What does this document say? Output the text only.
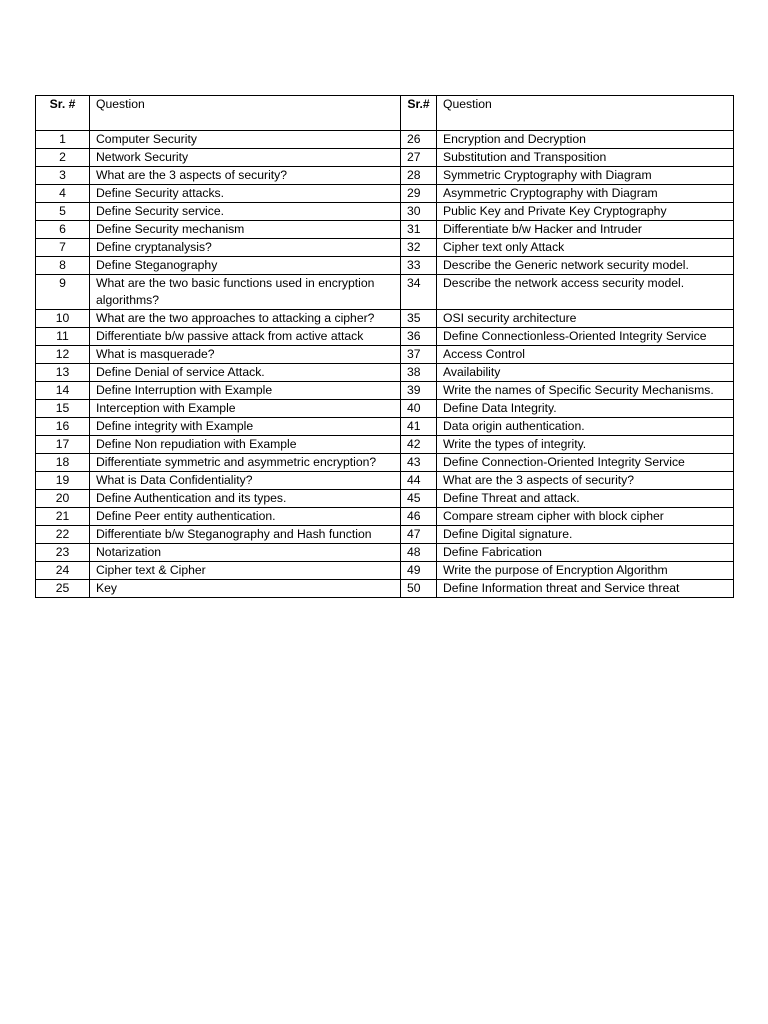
Sr. #	Question	Sr.#	Question
1	Computer Security	26	Encryption and Decryption
2	Network Security	27	Substitution and Transposition
3	What are the 3 aspects of security?	28	Symmetric Cryptography with Diagram
4	Define Security attacks.	29	Asymmetric Cryptography with Diagram
5	Define Security service.	30	Public Key and Private Key Cryptography
6	Define Security mechanism	31	Differentiate b/w Hacker and Intruder
7	Define cryptanalysis?	32	Cipher text only Attack
8	Define Steganography	33	Describe the Generic network security model.
9	What are the two basic functions used in encryption algorithms?	34	Describe the network access security model.
10	What are the two approaches to attacking a cipher?	35	OSI security architecture
11	Differentiate b/w passive attack from active attack	36	Define Connectionless-Oriented Integrity Service
12	What is masquerade?	37	Access Control
13	Define Denial of service Attack.	38	Availability
14	Define Interruption with Example	39	Write the names of Specific Security Mechanisms.
15	Interception with Example	40	Define Data Integrity.
16	Define integrity with Example	41	Data origin authentication.
17	Define Non repudiation with Example	42	Write the types of integrity.
18	Differentiate symmetric and asymmetric encryption?	43	Define Connection-Oriented Integrity Service
19	What is Data Confidentiality?	44	What are the 3 aspects of security?
20	Define Authentication and its types.	45	Define Threat and attack.
21	Define Peer entity authentication.	46	Compare stream cipher with block cipher
22	Differentiate b/w Steganography and Hash function	47	Define Digital signature.
23	Notarization	48	Define Fabrication
24	Cipher text & Cipher	49	Write the purpose of Encryption Algorithm
25	Key	50	Define Information threat and Service threat
